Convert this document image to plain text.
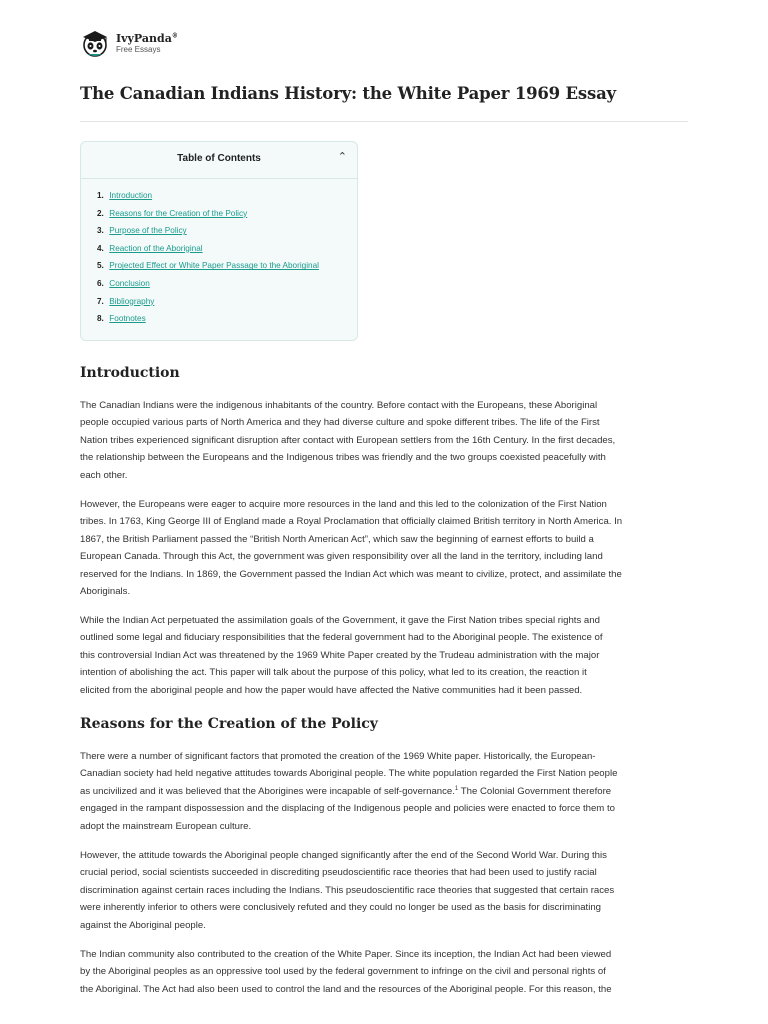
IvyPanda®
Free Essays
The Canadian Indians History: the White Paper 1969 Essay
Table of Contents	⌃
1. Introduction
2. Reasons for the Creation of the Policy
3. Purpose of the Policy
4. Reaction of the Aboriginal
5. Projected Effect or White Paper Passage to the Aboriginal
6. Conclusion
7. Bibliography
8. Footnotes
Introduction
The Canadian Indians were the indigenous inhabitants of the country. Before contact with the Europeans, these Aboriginal
people occupied various parts of North America and they had diverse culture and spoke different tribes. The life of the First
Nation tribes experienced significant disruption after contact with European settlers from the 16th Century. In the first decades,
the relationship between the Europeans and the Indigenous tribes was friendly and the two groups coexisted peacefully with
each other.
However, the Europeans were eager to acquire more resources in the land and this led to the colonization of the First Nation
tribes. In 1763, King George III of England made a Royal Proclamation that officially claimed British territory in North America. In
1867, the British Parliament passed the “British North American Act”, which saw the beginning of earnest efforts to build a
European Canada. Through this Act, the government was given responsibility over all the land in the territory, including land
reserved for the Indians. In 1869, the Government passed the Indian Act which was meant to civilize, protect, and assimilate the
Aboriginals.
While the Indian Act perpetuated the assimilation goals of the Government, it gave the First Nation tribes special rights and
outlined some legal and fiduciary responsibilities that the federal government had to the Aboriginal people. The existence of
this controversial Indian Act was threatened by the 1969 White Paper created by the Trudeau administration with the major
intention of abolishing the act. This paper will talk about the purpose of this policy, what led to its creation, the reaction it
elicited from the aboriginal people and how the paper would have affected the Native communities had it been passed.
Reasons for the Creation of the Policy
There were a number of significant factors that promoted the creation of the 1969 White paper. Historically, the European-
Canadian society had held negative attitudes towards Aboriginal people. The white population regarded the First Nation people
as uncivilized and it was believed that the Aborigines were incapable of self-governance.$^1$ The Colonial Government therefore
engaged in the rampant dispossession and the displacing of the Indigenous people and policies were enacted to force them to
adopt the mainstream European culture.
However, the attitude towards the Aboriginal people changed significantly after the end of the Second World War. During this
crucial period, social scientists succeeded in discrediting pseudoscientific race theories that had been used to justify racial
discrimination against certain races including the Indians. This pseudoscientific race theories that suggested that certain races
were inherently inferior to others were conclusively refuted and they could no longer be used as the basis for discriminating
against the Aboriginal people.
The Indian community also contributed to the creation of the White Paper. Since its inception, the Indian Act had been viewed
by the Aboriginal peoples as an oppressive tool used by the federal government to infringe on the civil and personal rights of
the Aboriginal. The Act had also been used to control the land and the resources of the Aboriginal people. For this reason, the
